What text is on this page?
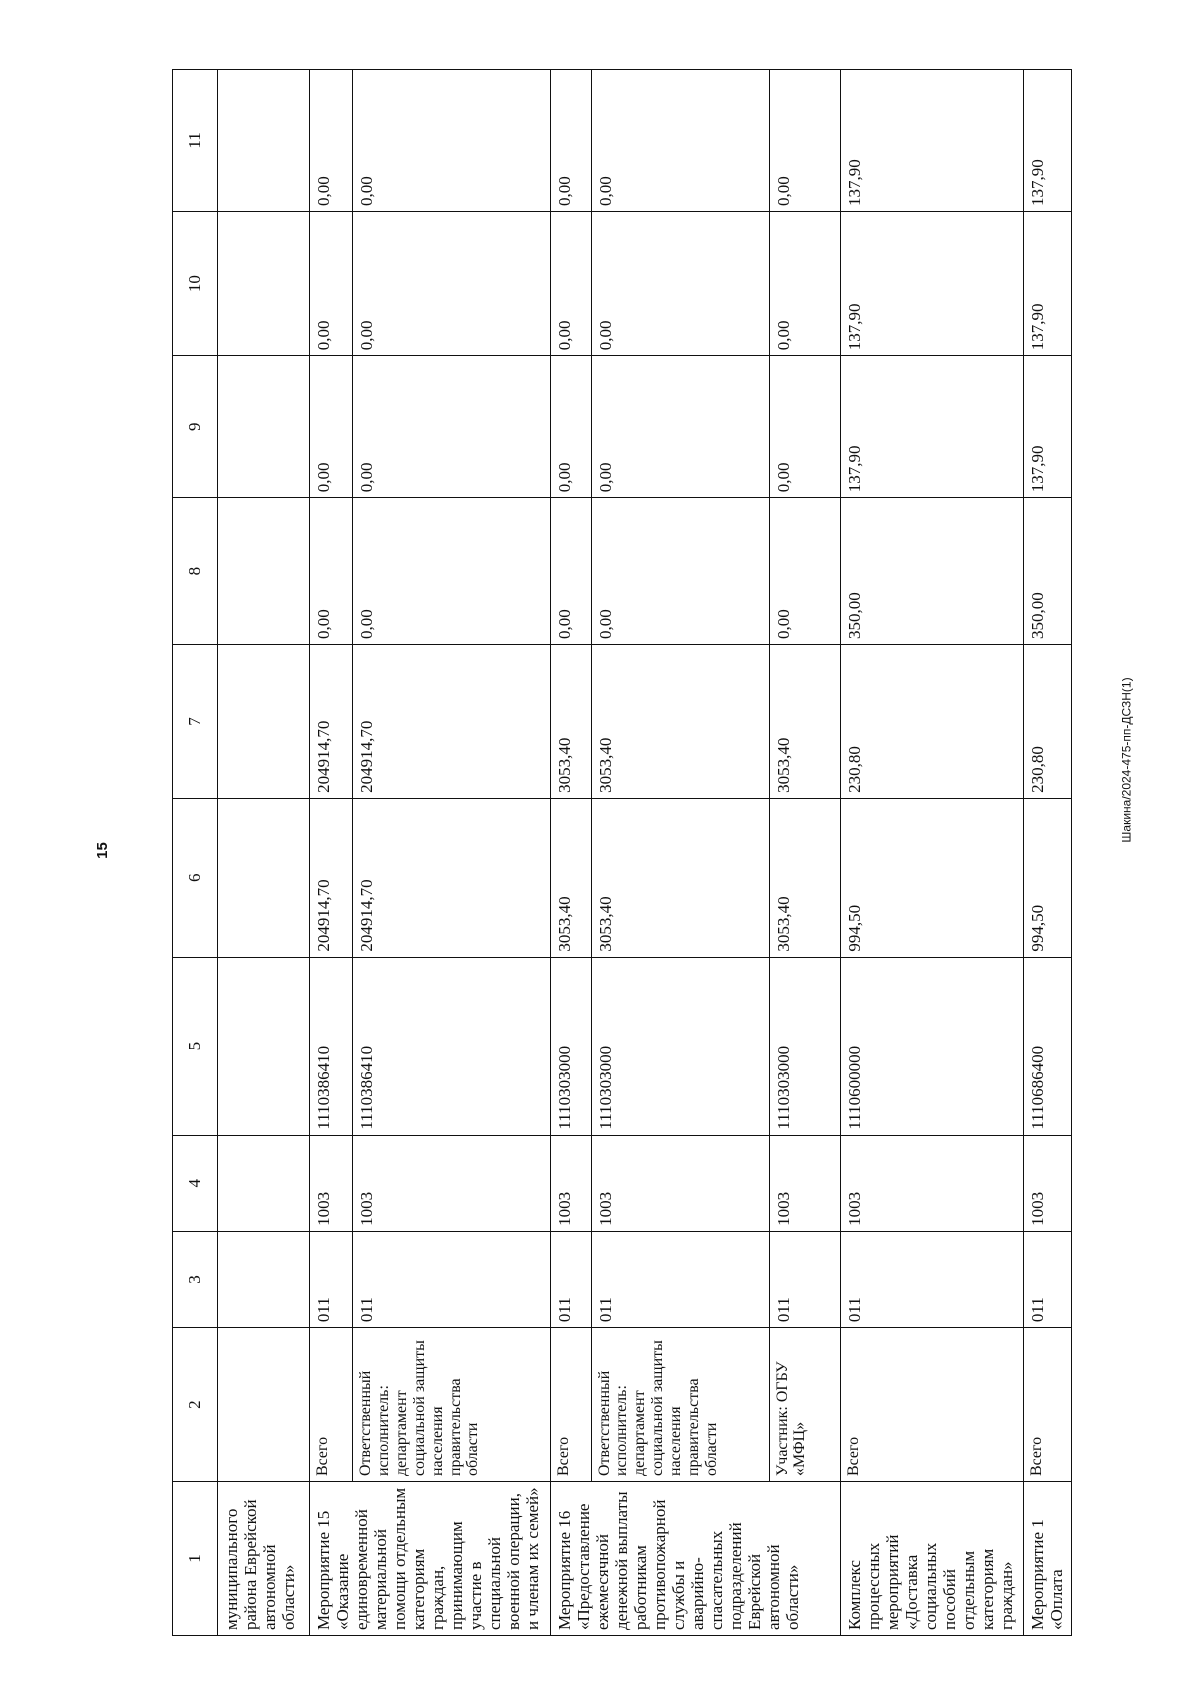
15
Шакина/2024-475-пп-ДСЗН(1)
1	2	3	4	5	6	7	8	9	10	11
муниципального района Еврейской автономной области»										
Мероприятие 15 «Оказание единовременной материальной помощи отдельным категориям граждан, принимающим участие в специальной военной операции, и членам их семей»	Всего	011	1003	1110386410	204914,70	204914,70	0,00	0,00	0,00	0,00
	Ответственный исполнитель: департамент социальной защиты населения правительства области	011	1003	1110386410	204914,70	204914,70	0,00	0,00	0,00	0,00
Мероприятие 16 «Предоставление ежемесячной денежной выплаты работникам противопожарной службы и аварийно-спасательных подразделений Еврейской автономной области»	Всего	011	1003	1110303000	3053,40	3053,40	0,00	0,00	0,00	0,00
	Ответственный исполнитель: департамент социальной защиты населения правительства области	011	1003	1110303000	3053,40	3053,40	0,00	0,00	0,00	0,00
	Участник: ОГБУ «МФЦ»	011	1003	1110303000	3053,40	3053,40	0,00	0,00	0,00	0,00
Комплекс процессных мероприятий «Доставка социальных пособий отдельным категориям граждан»	Всего	011	1003	1110600000	994,50	230,80	350,00	137,90	137,90	137,90
Мероприятие 1 «Оплата	Всего	011	1003	1110686400	994,50	230,80	350,00	137,90	137,90	137,90
